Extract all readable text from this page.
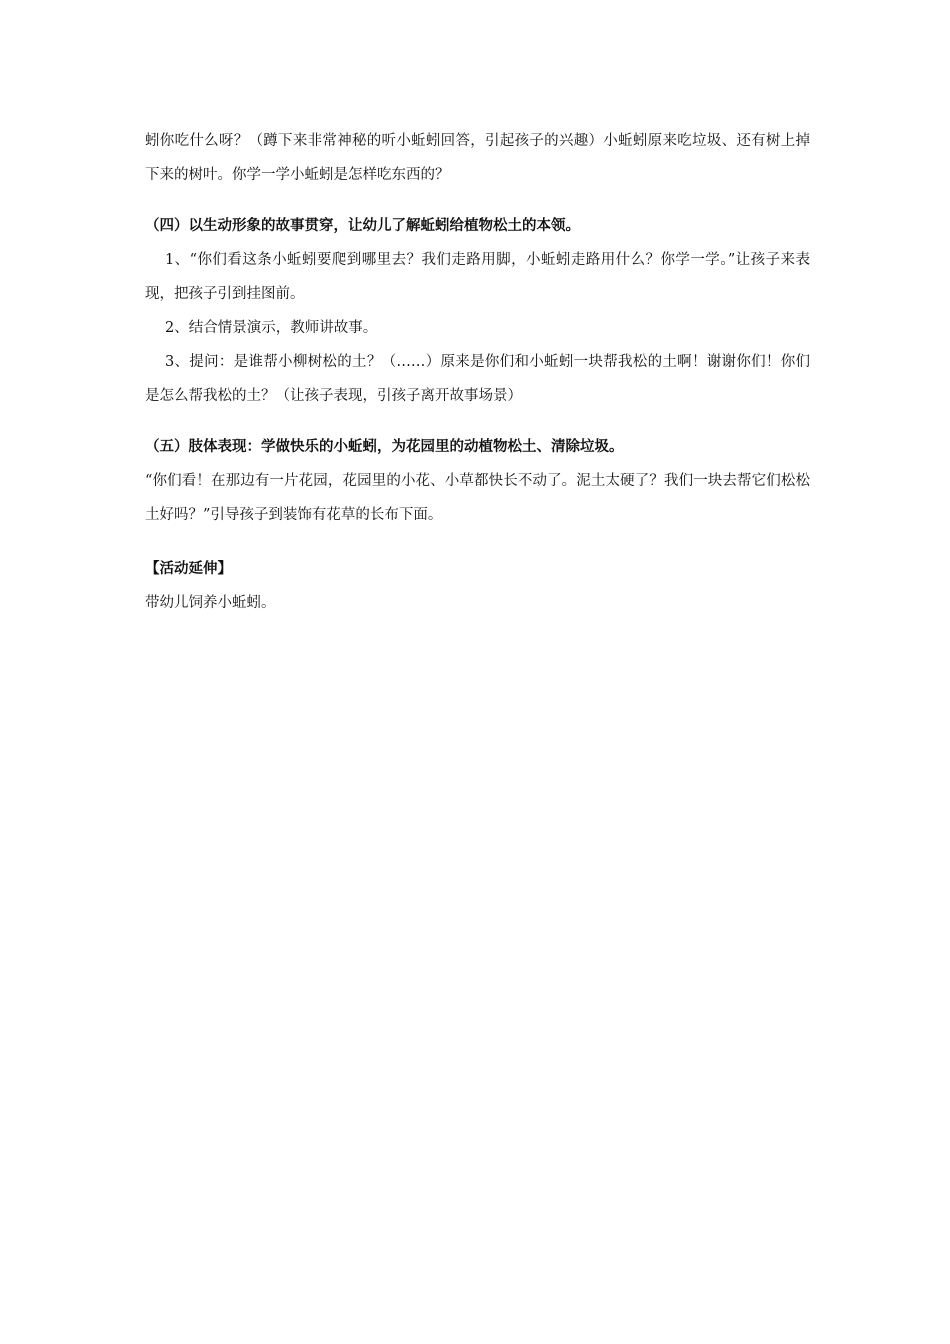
蚓你吃什么呀？（蹲下来非常神秘的听小蚯蚓回答，引起孩子的兴趣）小蚯蚓原来吃垃圾、还有树上掉下来的树叶。你学一学小蚯蚓是怎样吃东西的？

（四）以生动形象的故事贯穿，让幼儿了解蚯蚓给植物松土的本领。

1、“你们看这条小蚯蚓要爬到哪里去？我们走路用脚，小蚯蚓走路用什么？你学一学。”让孩子来表现，把孩子引到挂图前。

2、结合情景演示，教师讲故事。

3、提问：是谁帮小柳树松的土？（……）原来是你们和小蚯蚓一块帮我松的土啊！谢谢你们！你们是怎么帮我松的土？（让孩子表现，引孩子离开故事场景）

（五）肢体表现：学做快乐的小蚯蚓，为花园里的动植物松土、清除垃圾。

“你们看！在那边有一片花园，花园里的小花、小草都快长不动了。泥土太硬了？我们一块去帮它们松松土好吗？”引导孩子到装饰有花草的长布下面。

【活动延伸】

带幼儿饲养小蚯蚓。
